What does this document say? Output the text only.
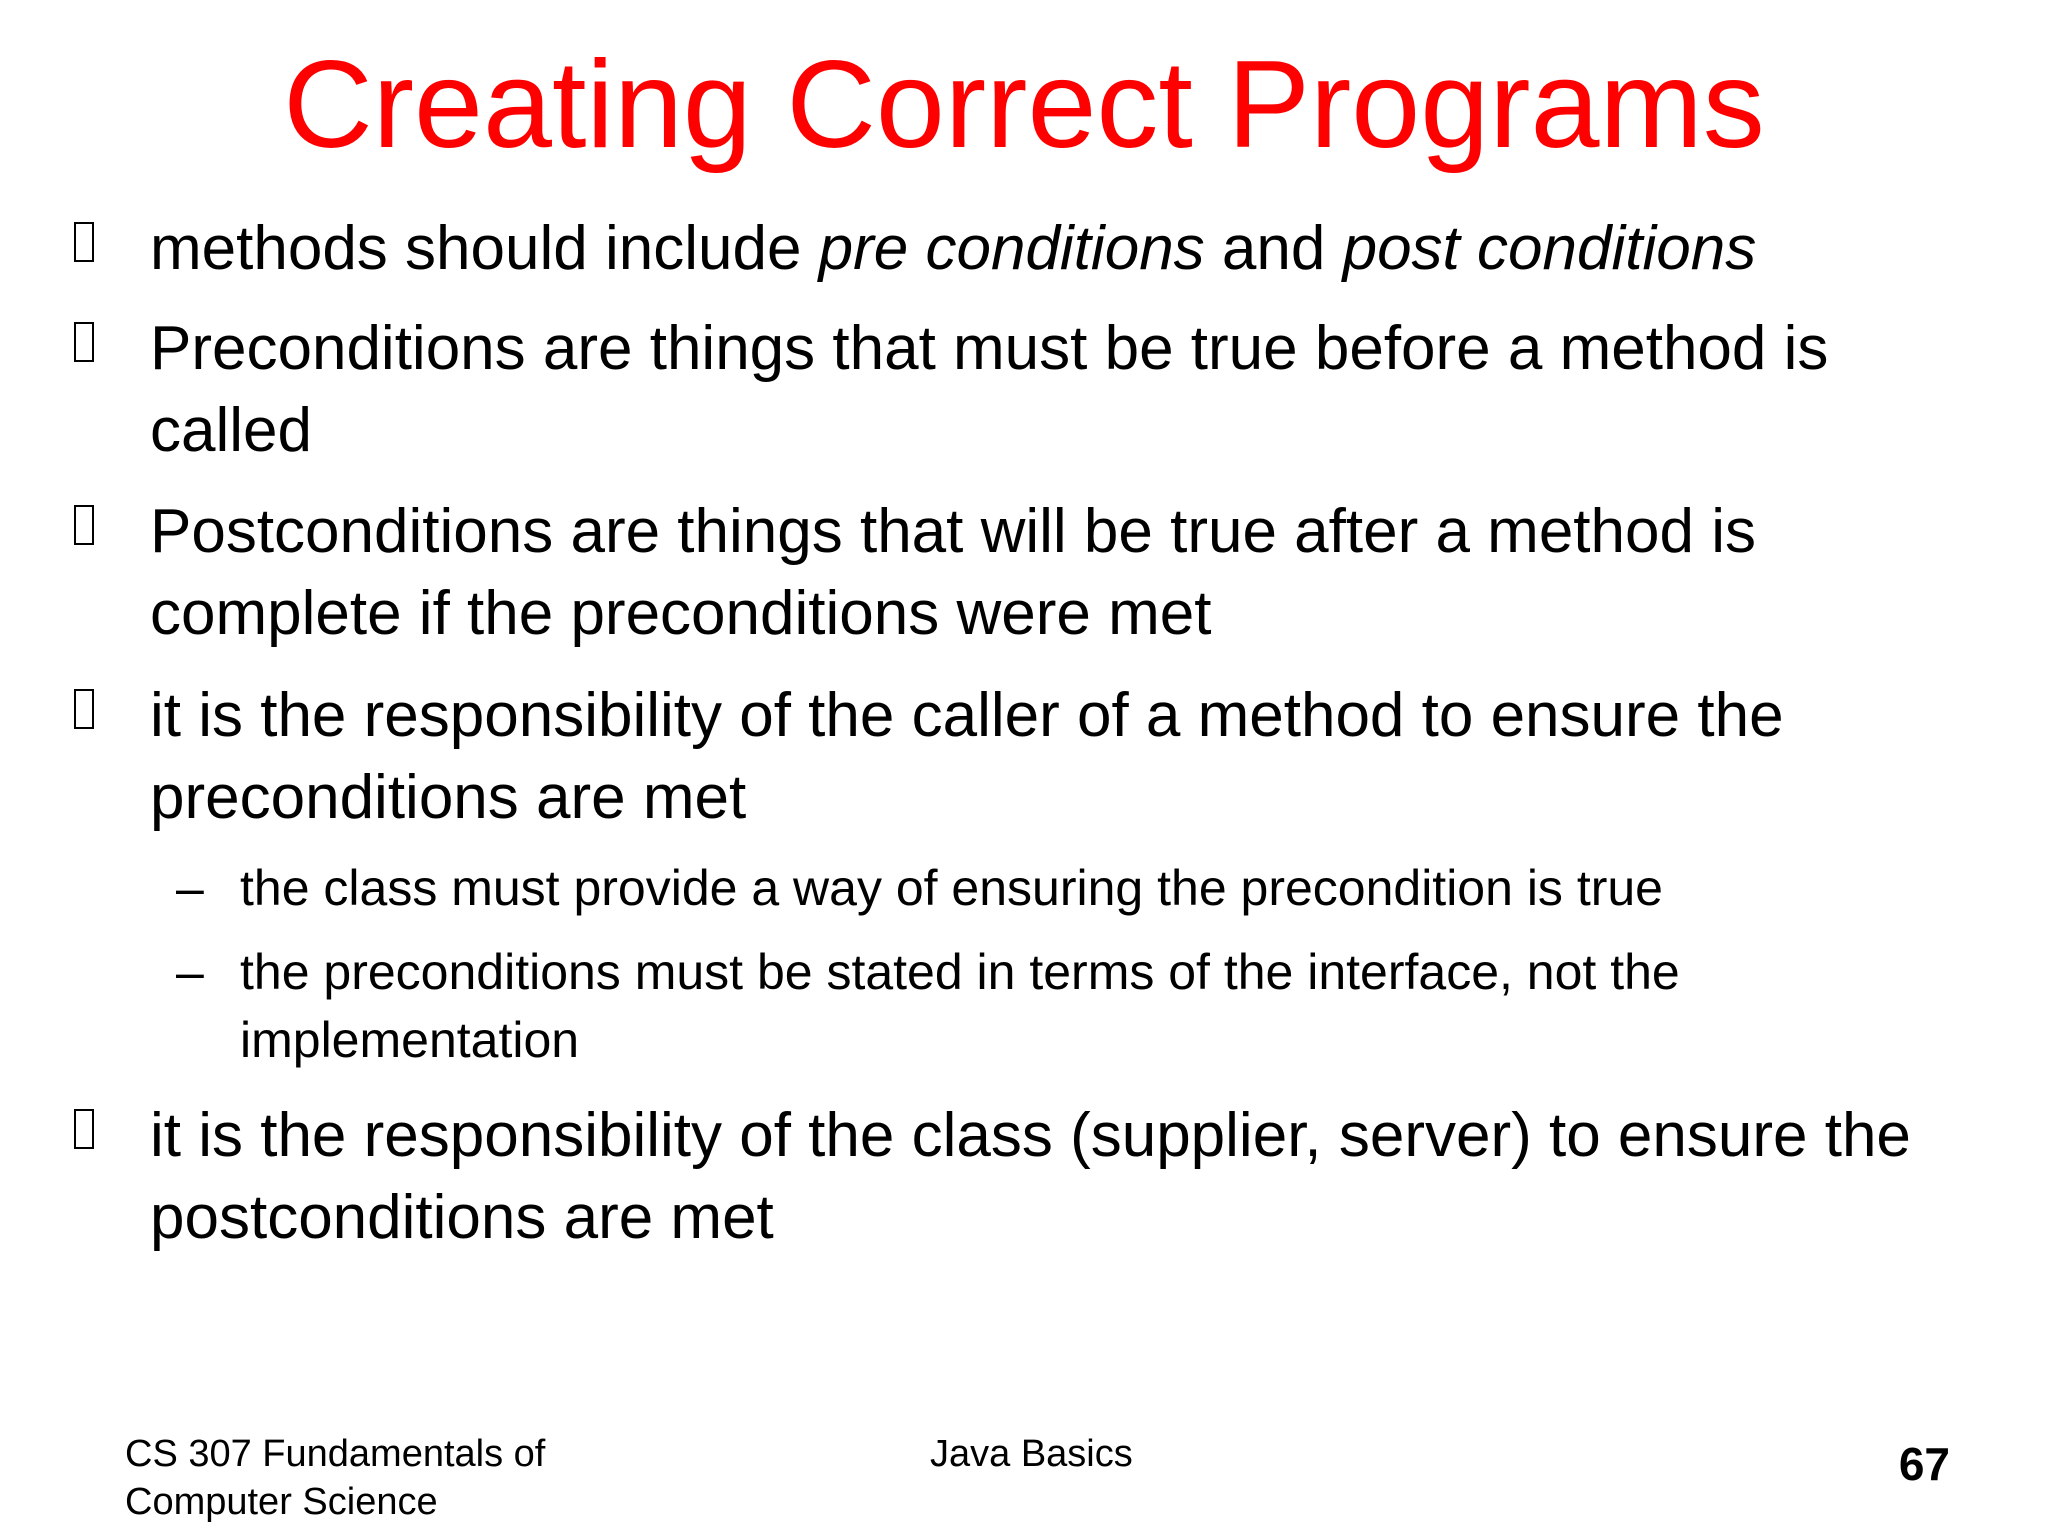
Creating Correct Programs
methods should include pre conditions and post conditions
Preconditions are things that must be true before a method is called
Postconditions are things that will be true after a method is complete if the preconditions were met
it is the responsibility of the caller of a method to ensure the preconditions are met
– the class must provide a way of ensuring the precondition is true
– the preconditions must be stated in terms of the interface, not the implementation
it is the responsibility of the class (supplier, server) to ensure the postconditions are met
CS 307 Fundamentals of Computer Science
Java Basics	67
